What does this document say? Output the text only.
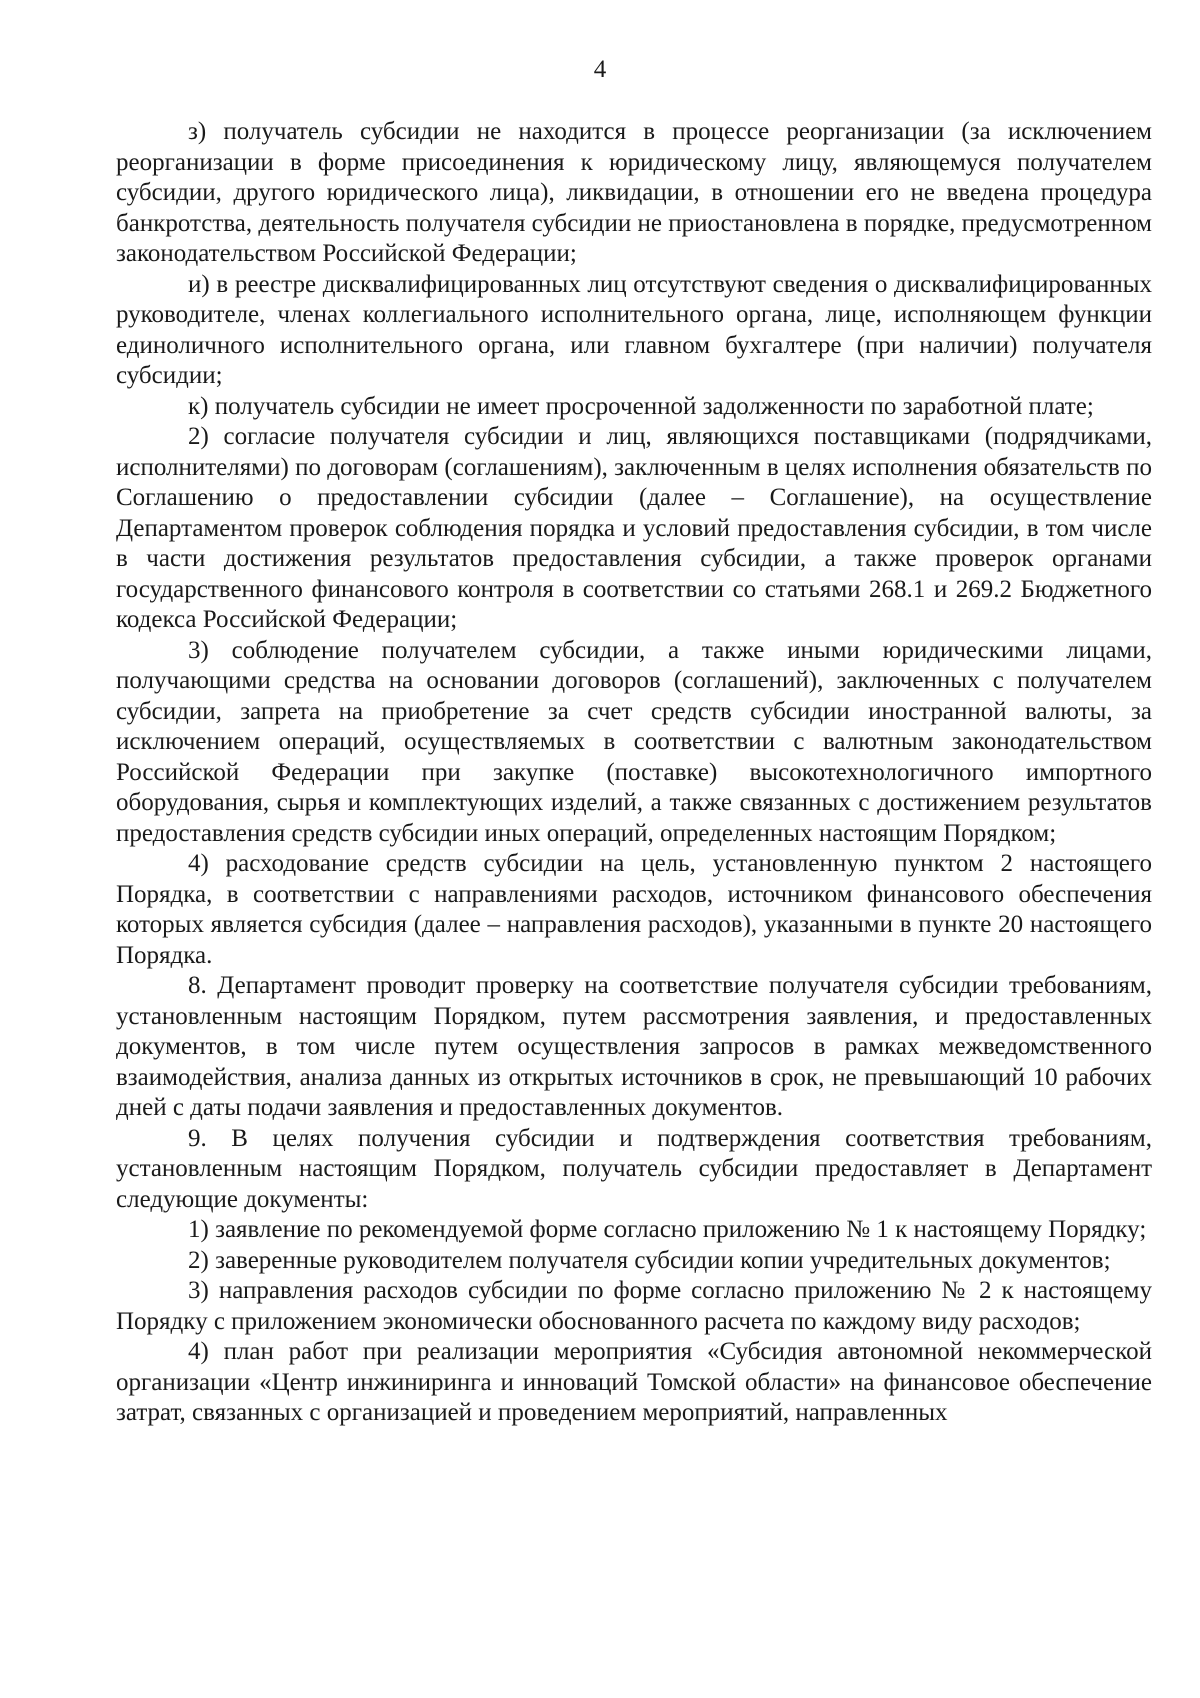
4

з) получатель субсидии не находится в процессе реорганизации (за исключением реорганизации в форме присоединения к юридическому лицу, являющемуся получателем субсидии, другого юридического лица), ликвидации, в отношении его не введена процедура банкротства, деятельность получателя субсидии не приостановлена в порядке, предусмотренном законодательством Российской Федерации;

и) в реестре дисквалифицированных лиц отсутствуют сведения о дисквалифицированных руководителе, членах коллегиального исполнительного органа, лице, исполняющем функции единоличного исполнительного органа, или главном бухгалтере (при наличии) получателя субсидии;

к) получатель субсидии не имеет просроченной задолженности по заработной плате;

2) согласие получателя субсидии и лиц, являющихся поставщиками (подрядчиками, исполнителями) по договорам (соглашениям), заключенным в целях исполнения обязательств по Соглашению о предоставлении субсидии (далее – Соглашение), на осуществление Департаментом проверок соблюдения порядка и условий предоставления субсидии, в том числе в части достижения результатов предоставления субсидии, а также проверок органами государственного финансового контроля в соответствии со статьями 268.1 и 269.2 Бюджетного кодекса Российской Федерации;

3) соблюдение получателем субсидии, а также иными юридическими лицами, получающими средства на основании договоров (соглашений), заключенных с получателем субсидии, запрета на приобретение за счет средств субсидии иностранной валюты, за исключением операций, осуществляемых в соответствии с валютным законодательством Российской Федерации при закупке (поставке) высокотехнологичного импортного оборудования, сырья и комплектующих изделий, а также связанных с достижением результатов предоставления средств субсидии иных операций, определенных настоящим Порядком;

4) расходование средств субсидии на цель, установленную пунктом 2 настоящего Порядка, в соответствии с направлениями расходов, источником финансового обеспечения которых является субсидия (далее – направления расходов), указанными в пункте 20 настоящего Порядка.

8. Департамент проводит проверку на соответствие получателя субсидии требованиям, установленным настоящим Порядком, путем рассмотрения заявления, и предоставленных документов, в том числе путем осуществления запросов в рамках межведомственного взаимодействия, анализа данных из открытых источников в срок, не превышающий 10 рабочих дней с даты подачи заявления и предоставленных документов.

9. В целях получения субсидии и подтверждения соответствия требованиям, установленным настоящим Порядком, получатель субсидии предоставляет в Департамент следующие документы:

1) заявление по рекомендуемой форме согласно приложению № 1 к настоящему Порядку;

2) заверенные руководителем получателя субсидии копии учредительных документов;

3) направления расходов субсидии по форме согласно приложению № 2 к настоящему Порядку с приложением экономически обоснованного расчета по каждому виду расходов;

4) план работ при реализации мероприятия «Субсидия автономной некоммерческой организации «Центр инжиниринга и инноваций Томской области» на финансовое обеспечение затрат, связанных с организацией и проведением мероприятий, направленных
